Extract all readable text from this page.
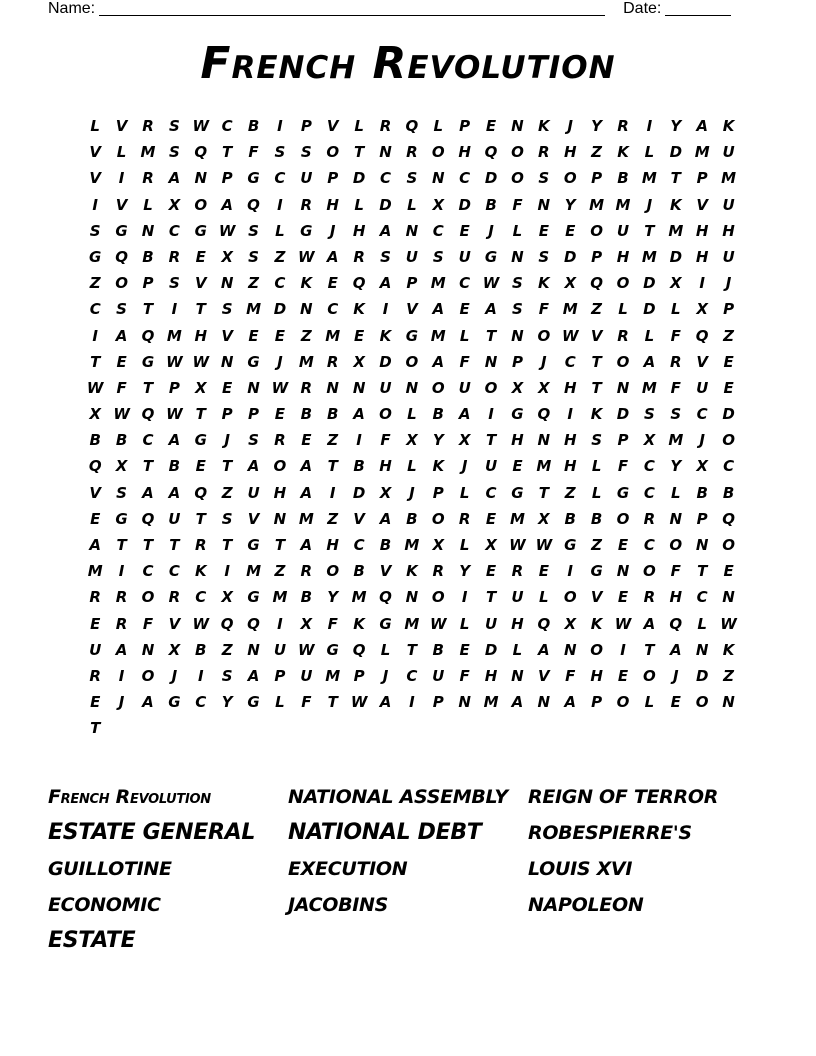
Name:	Date:
French Revolution
L	V R	S W C	B	I	P	V	L	R Q	L	P	E N K	J	Y	R	I	Y	A K
V	L M S Q T	F	S	S O T N R O H Q O R H Z	K	L	D M U
V	I	R A N P G C U P D C	S N C D O S O P	B M T	P M
I	V	L	X O A Q	I	R H	L	D	L	X D B	F N Y M M	J	K V U
S G N C G W S	L	G	J	H A N C	E	J	L	E	E O U	T M H H
G Q B R	E	X	S	Z W A R	S U S U G N S D P H M D H U
Z O P	S	V N Z	C	K	E Q A	P M C W S	K X Q O D X	I	J
C	S	T	I	T	S M D N C	K	I	V A	E	A	S	F M Z	L	D	L	X	P
I	A Q M H V	E	E	Z M E	K G M L	T N O W V R	L	F Q Z
T	E	G W W N G	J	M R X D O A	F N P	J	C	T O A R V	E
W F	T	P	X	E N W R N N U N O U O X X H	T N M F	U	E
X W Q W T	P	P	E	B B A O	L	B A	I	G Q	I	K D S	S	C D
B B	C	A G	J	S	R	E	Z	I	F	X	Y	X	T H N H S	P	X M	J	O
Q X	T	B	E	T	A O A	T	B H	L	K	J	U	E M H	L	F	C	Y	X	C
V	S	A A Q Z U H A	I	D X	J	P	L	C G	T	Z	L	G C	L	B B
E	G Q U	T	S	V N M Z	V A B O R	E M X B B O R N P Q
A	T	T	T	R	T	G	T	A H C	B M X	L	X W W G Z	E	C O N O
M	I	C	C	K	I	M Z	R O B V K R	Y	E	R	E	I	G N O F	T	E
R R O R	C	X G M B	Y M Q N O	I	T	U	L	O V	E	R H C N
E	R	F	V W Q Q	I	X	F	K G M W L	U H Q X K W A Q	L W
U A N X B	Z N U W G Q	L	T	B	E	D	L	A N O	I	T	A N K
R	I	O	J	I	S	A	P U M P	J	C U	F H N V	F H E O	J	D Z
E	J	A G C	Y G	L	F	T W A	I	P N M A N A	P O	L	E O N
T
French Revolution	NATIONAL ASSEMBLY	REIGN OF TERROR
ESTATE GENERAL	NATIONAL DEBT	ROBESPIERRE'S
GUILLOTINE	EXECUTION	LOUIS XVI
ECONOMIC	JACOBINS	NAPOLEON
ESTATE
